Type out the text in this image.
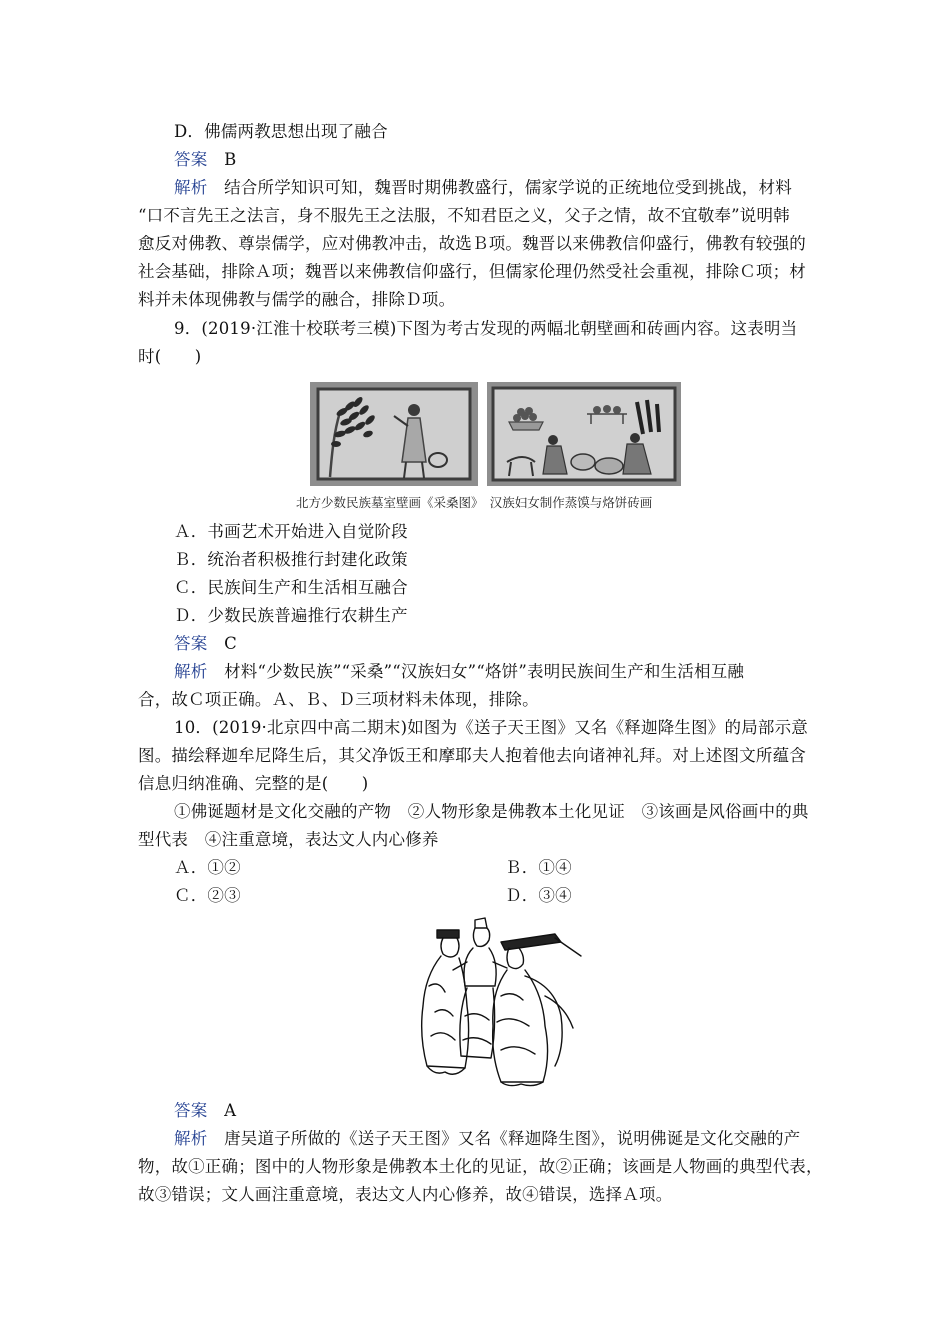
D．佛儒两教思想出现了融合
答案　 B
解析　 结合所学知识可知，魏晋时期佛教盛行，儒家学说的正统地位受到挑战，材料
“口不言先王之法言，身不服先王之法服，不知君臣之义，父子之情，故不宜敬奉”说明韩
愈反对佛教、尊崇儒学，应对佛教冲击，故选Ｂ项。魏晋以来佛教信仰盛行，佛教有较强的
社会基础，排除Ａ项；魏晋以来佛教信仰盛行，但儒家伦理仍然受社会重视，排除Ｃ项；材
料并未体现佛教与儒学的融合，排除Ｄ项。
9．(2019·江淮十校联考三模)下图为考古发现的两幅北朝壁画和砖画内容。这表明当
时(　　)
北方少数民族墓室壁画《采桑图》　汉族妇女制作蒸馍与烙饼砖画
Ａ．书画艺术开始进入自觉阶段
Ｂ．统治者积极推行封建化政策
Ｃ．民族间生产和生活相互融合
Ｄ．少数民族普遍推行农耕生产
答案　 C
解析　 材料“少数民族”“采桑”“汉族妇女”“烙饼”表明民族间生产和生活相互融
合，故Ｃ项正确。Ａ、Ｂ、Ｄ三项材料未体现，排除。
10．(2019·北京四中高二期末)如图为《送子天王图》又名《释迦降生图》的局部示意
图。描绘释迦牟尼降生后，其父净饭王和摩耶夫人抱着他去向诸神礼拜。对上述图文所蕴含
信息归纳准确、完整的是(　　)
①佛诞题材是文化交融的产物　②人物形象是佛教本土化见证　③该画是风俗画中的典
型代表　④注重意境，表达文人内心修养
Ａ．①②	Ｂ．①④
Ｃ．②③	Ｄ．③④
答案　 A
解析　 唐吴道子所做的《送子天王图》又名《释迦降生图》，说明佛诞是文化交融的产
物，故①正确；图中的人物形象是佛教本土化的见证，故②正确；该画是人物画的典型代表，
故③错误；文人画注重意境，表达文人内心修养，故④错误，选择Ａ项。
